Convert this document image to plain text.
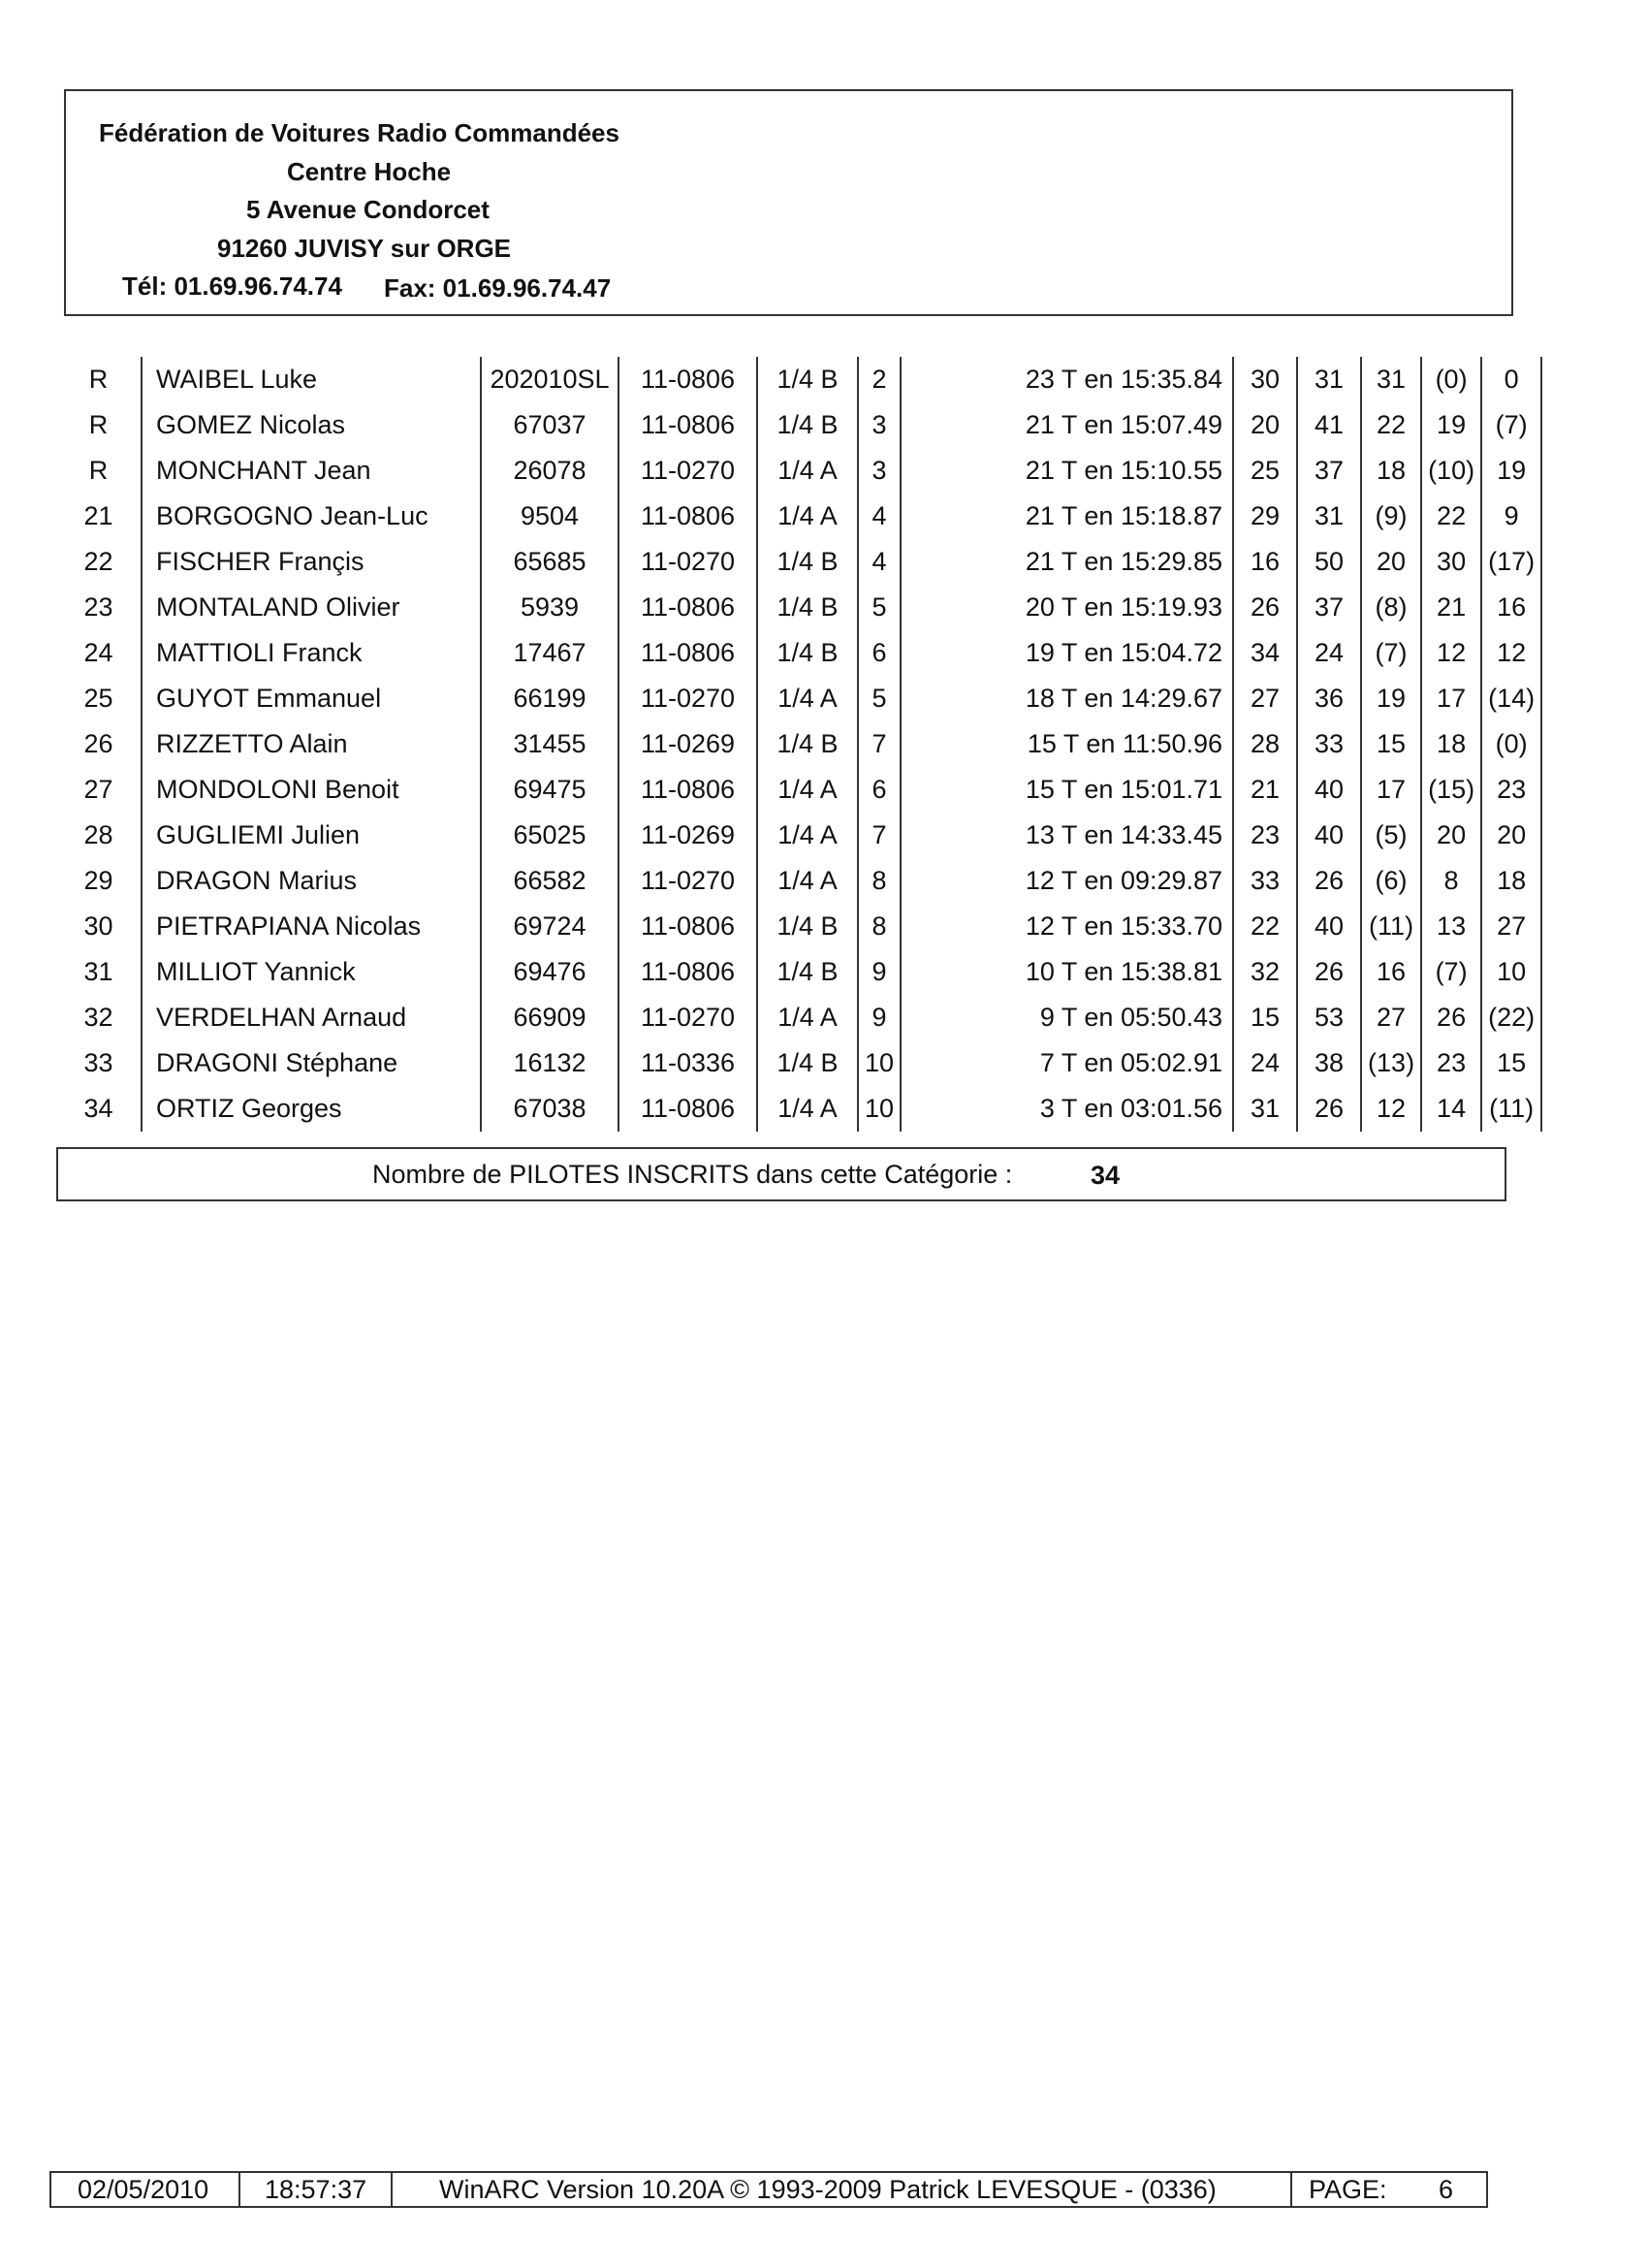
Fédération de Voitures Radio Commandées
Centre Hoche
5 Avenue Condorcet
91260 JUVISY sur ORGE
Tél: 01.69.96.74.74 Fax: 01.69.96.74.47
R	WAIBEL Luke	202010SL	11-0806	1/4 B	2	23 T en 15:35.84	30	31	31	(0)	0
R	GOMEZ Nicolas	67037	11-0806	1/4 B	3	21 T en 15:07.49	20	41	22	19	(7)
R	MONCHANT Jean	26078	11-0270	1/4 A	3	21 T en 15:10.55	25	37	18	(10)	19
21	BORGOGNO Jean-Luc	9504	11-0806	1/4 A	4	21 T en 15:18.87	29	31	(9)	22	9
22	FISCHER Françis	65685	11-0270	1/4 B	4	21 T en 15:29.85	16	50	20	30	(17)
23	MONTALAND Olivier	5939	11-0806	1/4 B	5	20 T en 15:19.93	26	37	(8)	21	16
24	MATTIOLI Franck	17467	11-0806	1/4 B	6	19 T en 15:04.72	34	24	(7)	12	12
25	GUYOT Emmanuel	66199	11-0270	1/4 A	5	18 T en 14:29.67	27	36	19	17	(14)
26	RIZZETTO Alain	31455	11-0269	1/4 B	7	15 T en 11:50.96	28	33	15	18	(0)
27	MONDOLONI Benoit	69475	11-0806	1/4 A	6	15 T en 15:01.71	21	40	17	(15)	23
28	GUGLIEMI Julien	65025	11-0269	1/4 A	7	13 T en 14:33.45	23	40	(5)	20	20
29	DRAGON Marius	66582	11-0270	1/4 A	8	12 T en 09:29.87	33	26	(6)	8	18
30	PIETRAPIANA Nicolas	69724	11-0806	1/4 B	8	12 T en 15:33.70	22	40	(11)	13	27
31	MILLIOT Yannick	69476	11-0806	1/4 B	9	10 T en 15:38.81	32	26	16	(7)	10
32	VERDELHAN Arnaud	66909	11-0270	1/4 A	9	9 T en 05:50.43	15	53	27	26	(22)
33	DRAGONI Stéphane	16132	11-0336	1/4 B	10	7 T en 05:02.91	24	38	(13)	23	15
34	ORTIZ Georges	67038	11-0806	1/4 A	10	3 T en 03:01.56	31	26	12	14	(11)
Nombre de PILOTES INSCRITS dans cette Catégorie :	34
02/05/2010 18:57:37	WinARC Version 10.20A © 1993-2009 Patrick LEVESQUE - (0336)	PAGE: 6
